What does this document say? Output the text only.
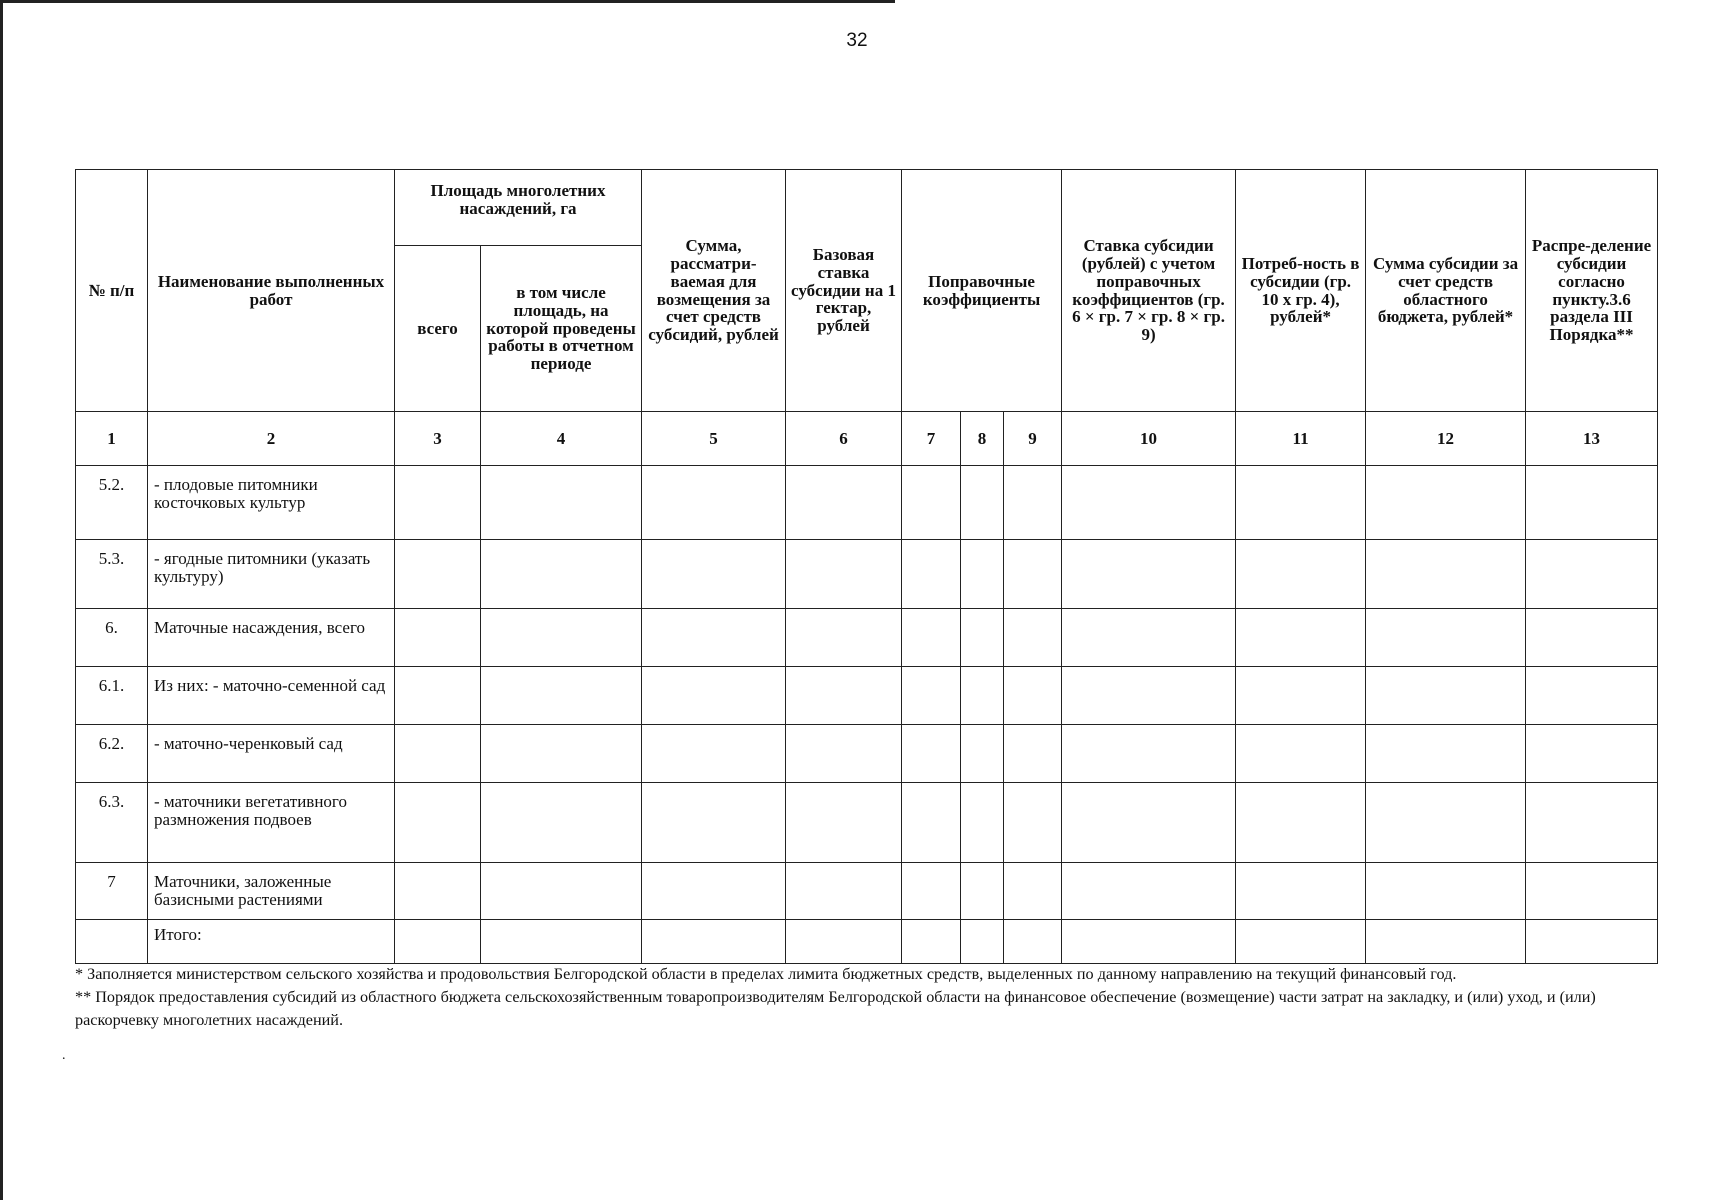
32
№ п/п	Наименование выполненных работ	Площадь многолетних насаждений, га		Сумма, рассматри-ваемая для возмещения за счет средств субсидий, рублей	Базовая ставка субсидии на 1 гектар, рублей	Поправочные коэффициенты			Ставка субсидии (рублей) с учетом поправочных коэффициентов (гр. 6 × гр. 7 × гр. 8 × гр. 9)	Потреб-ность в субсидии (гр. 10 х гр. 4), рублей*	Сумма субсидии за счет средств областного бюджета, рублей*	Распре-деление субсидии согласно пункту.3.6 раздела III Порядка**
		всего	в том числе площадь, на которой проведены работы в отчетном периоде									
1	2	3	4	5	6	7	8	9	10	11	12	13
5.2.	- плодовые питомники косточковых культур											
5.3.	- ягодные питомники (указать культуру)											
6.	Маточные насаждения, всего											
6.1.	Из них: - маточно-семенной сад											
6.2.	- маточно-черенковый сад											
6.3.	- маточники вегетативного размножения подвоев											
7	Маточники, заложенные базисными растениями											
	Итого:											
* Заполняется министерством сельского хозяйства и продовольствия Белгородской области в пределах лимита бюджетных средств, выделенных по данному направлению на текущий финансовый год.
** Порядок предоставления субсидий из областного бюджета сельскохозяйственным товаропроизводителям Белгородской области на финансовое обеспечение (возмещение) части затрат на закладку, и (или) уход, и (или) раскорчевку многолетних насаждений.
.
